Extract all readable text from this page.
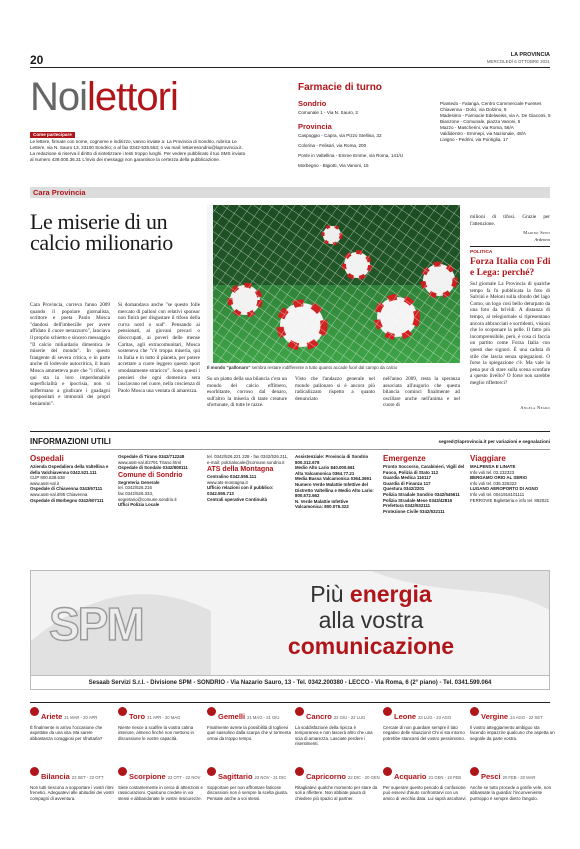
20	LA PROVINCIA
MERCOLEDÌ 6 OTTOBRE 2021
Noilettori
Come partecipare
Le lettere, firmate con nome, cognome e indirizzo, vanno inviate a: La Provincia di Sondrio, rubrica Le Lettere, via N. Sauro 13, 23100 Sondrio; o al fax 0342-535.553; o via mail: lettieresondrio@laprovincia.it. La redazione si riserva il diritto di sintetizzare i testi troppo lunghi. Per vedere pubblicato il tuo SMS inviato al numero 439.000.36.31 L'invio dei messaggi non garantisce la certezza della pubblicazione.
Farmacie di turno
Sondrio
Comunale 1 - Via N. Sauro, 2
Provincia
Caspoggio - Capra, via Pizzo Stellina, 32
Colorina - Felisari, via Roma, 200
Ponte in Valtellina - Emme Emme, via Roma, 141/U
Morbegno - Bigiotti, Via Vanoni, 15
Piantedo - Falanga, Centro Commerciale Fuentes
Chiavenna - Dolci, via Dolzino, 9
Madesimo - Farmacie Edelweiss, via A. De Giacomi, 5
Bianzone - Comunale, piazza Vanoni, 5
Mazzo - Mascherini, via Roma, 56/A
Valdidentro - Emmepi, via Nazionale, 48/A
Livigno - Pedrini, via Pontiglia, 17
Cara Provincia
Le miserie di un calcio milionario
Il mondo "pallonaro" sembra restare indifferente a tutto quanto accade fuori dal campo da calcio
Cara Provincia, correva l'anno 2009 quando il popolare giornalista, scrittore e poeta Paolo Mosca "dandosi dell'imbecille per avere affidato il cuore nerazzurro", lanciava il proprio schietto e sincero messaggio "Il calcio miliardario dimentica le miserie del mondo". In questo frangente di severa critica, e in parte anche di lodevole autocritica, il buon Mosca ammetteva pure che "i tifosi, e qui sta la loro imperdonabile superficialità e ipocrisia, non si soffermano a giudicare i guadagni spropositati e immorali dei propri beniamini".
Si domandava anche "se questo folle mercato di palloni con relativi sponsor non finirà per disgustare il tifoso della curva nord o sud". Pensando ai pensionati, ai giovani precari o disoccupati, ai poveri delle mense Caritas, agli extracomunitari, Mosca sosteneva che "c'è troppa miseria, qui in Italia e in tutto il pianeta, per potere accettare a cuore leggero questo sport smodatamente straricco". Sono questi i pensieri che ogni domenica sera lasciavano nel cuore, nella coscienza di Paolo Mosca una ventata di amarezza.
Su un piatto della sua bilancia c'era un mondo del calcio effimero, esorbitante, corroso dal denaro, sull'altro la miseria di tante creature sfortunate, di tutte le razze.
Visto che l'andazzo generale nel mondo pallonaro si è ancora più radicalizzato rispetto a quanto denunciato
nell'anno 2009, resta la speranza associata all'augurio che questa bilancia cominci finalmente ad oscillare anche nell'anima e nel cuore di
milioni di tifosi. Grazie per l'attenzione.
Marino Spini
Ardenno
POLITICA
Forza Italia con Fdi e Lega: perché?
Sul giornale La Provincia di qualche tempo fa fu pubblicata la foto di Salvini e Meloni sulla sfondo del lago Como, un logo così bello deturpato da una foto da brividi. A distanza di tempo, al telegiornale si ripresentano ancora abbracciati e sorridenti, visioni che lo scoponare la pelle. Il fatto più incomprensibile, però, è cosa ci faccia un partito come Forza Italia con questi due signori. È una caduta di stile che lascia senza spiegazioni. O forse la spiegazione c'è. Ma vale la pena pur di stare sulla scena sconfare a questo livello? O forse non sarebbe meglio rifletterci?
Angela Negro
INFORMAZIONI UTILI	segred@laprovincia.it per variazioni e segnalazioni
Ospedali
Azienda Ospedaliera della Valtellina e della Valchiavenna 0342.521.111
CUP 800.638.638
www.asst-val.it
Ospedale di Chiavenna 0343/67111
www.asst-val.it/95 Chiavenna
Ospedale di Morbegno 0342/607111
Ospedale di Tirano 0342/712248
www.asst-val.it/2791 Tirano.html
Ospedale di Sondalo 0342/808111
Comune di Sondrio
Segreteria Generale
tel. 0342/526.216
fax 0342/526.333,
segretario@comune.sondrio.it
Uffici Polizia Locale
tel. 0342/526.221 228 - fax 0342/526.211, e-mail: polizialocale@comune.sondrio.it
ATS della Montagna
Centralino 0342.555.111
www.ats-montagna.it
Ufficio relazioni con il pubblico: 0342.555.713
Centrali operative Continuità
Assistenziale: Provincia di Sondrio 800.312.678
Medio Alto Lario 840.000.661
Alta Valcamonica 0364.77.21
Media Bassa Valcamonica 0364.3691
Numero Verde Malattie Infettive del Distretto Valtellina e Medio Alto Lario: 800.572.662
N. Verde Malattie Infettive Valcamonica: 800.076.323
Emergenze
Pronto Soccorso, Carabinieri, Vigili del Fuoco, Polizia di Stato 112
Guardia Medica 116117
Guardia di Finanza 117
Questura 0342/2201
Polizia Stradale Sondrio 0342/545611
Polizia Stradale Mese 0343/42816
Prefettura 0342/532111
Protezione Civile 0342/532111
Viaggiare
MALPENSA E LINATE
Info voli tel. 02.232323
BERGAMO ORIO AL SERIO
Info voli tel. 035.326323
LUGANO AEROPORTO DI AGNO
Info voli tel. 0041916101111
FERROVIE Biglietteria e info tel. 892021
SPM
Più energia
alla vostra
comunicazione
Sesaab Servizi S.r.l. - Divisione SPM - SONDRIO - Via Nazario Sauro, 13 - Tel. 0342.200380 - LECCO - Via Roma, 6 (2° piano) - Tel. 0341.599.064
Ariete 21 MAR - 20 APR
È finalmente in arrivo l'occasione che aspettate da una vita. Ma sarete abbastanza coraggiosi per sfruttarla?
Toro 21 APR - 20 MAG
Niente riesce a scalfire la vostra calma interiore, almeno finché non mettono in discussione le vostre capacità.
Gemelli 21 MAG - 21 GIU
Finalmente avrete la possibilità di togliervi quel sassolino dalla scarpa che vi tormenta ormai da troppo tempo.
Cancro 22 GIU - 22 LUG
La soddisfazione della ripicca è temporanea e non lascerà altro che una scia di amarezza. Lasciate perdere i risentimenti.
Leone 23 LUG - 23 AGO
Cercate di non guardare sempre il lato negativo delle situazioni! Chi vi sta intorno potrebbe stancarsi del vostro pessimismo.
Vergine 24 AGO - 22 SET
Il vostro atteggiamento ambiguo sta facendo impazzire qualcuno che aspetta un segnale da parte vostra.
Bilancia 23 SET - 22 OTT
Non tutti riescono a sopportare i vostri ritmi frenetici. Adeguatevi alle abitudini dei vostri compagni di avventura.
Scorpione 23 OTT - 22 NOV
Siete costantemente in cerca di attenzioni e rassicurazioni. Qualcuno credete in voi stessi e abbandonate le vostre insicurezze.
Sagittario 23 NOV - 21 DIC
Sopportare per non affrontare faticose discussioni non è sempre la scelta giusta. Pensate anche a voi stessi.
Capricorno 22 DIC - 20 GEN
Ritagliatevi qualche momento per stare da soli a riflettere. Non abbiate paura di chiedere più spazio al partner.
Acquario 21 GEN - 19 FEB
Per superare questo periodo di confusione può esservi d'aiuto confrontarvi con un amico di vecchia data. Lui saprà ascoltarvi.
Pesci 20 FEB - 20 MAR
Anche se tutto procede a gonfie vele, non abbassate la guardia: l'inconveniente purtroppo è sempre dietro l'angolo.
